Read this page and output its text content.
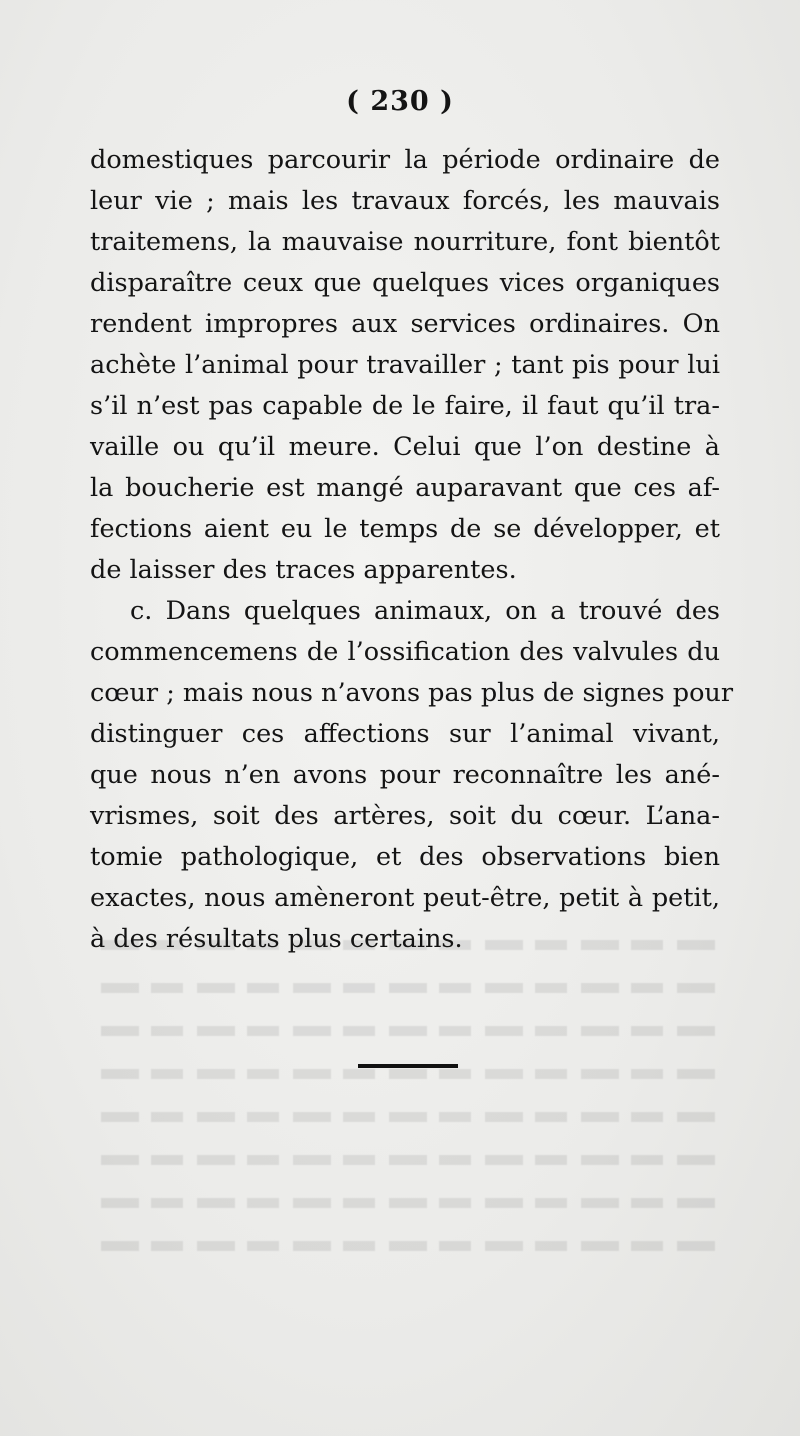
( 230 )
domestiques parcourir la période ordinaire de
leur vie ; mais les travaux forcés, les mauvais
traitemens, la mauvaise nourriture, font bientôt
disparaître ceux que quelques vices organiques
rendent impropres aux services ordinaires. On
achète l’animal pour travailler ; tant pis pour lui
s’il n’est pas capable de le faire, il faut qu’il tra-
vaille ou qu’il meure. Celui que l’on destine à
la boucherie est mangé auparavant que ces af-
fections aient eu le temps de se développer, et
de laisser des traces apparentes.
c. Dans quelques animaux, on a trouvé des
commencemens de l’ossification des valvules du
cœur ; mais nous n’avons pas plus de signes pour
distinguer ces affections sur l’animal vivant,
que nous n’en avons pour reconnaître les ané-
vrismes, soit des artères, soit du cœur. L’ana-
tomie pathologique, et des observations bien
exactes, nous amèneront peut-être, petit à petit,
à des résultats plus certains.
